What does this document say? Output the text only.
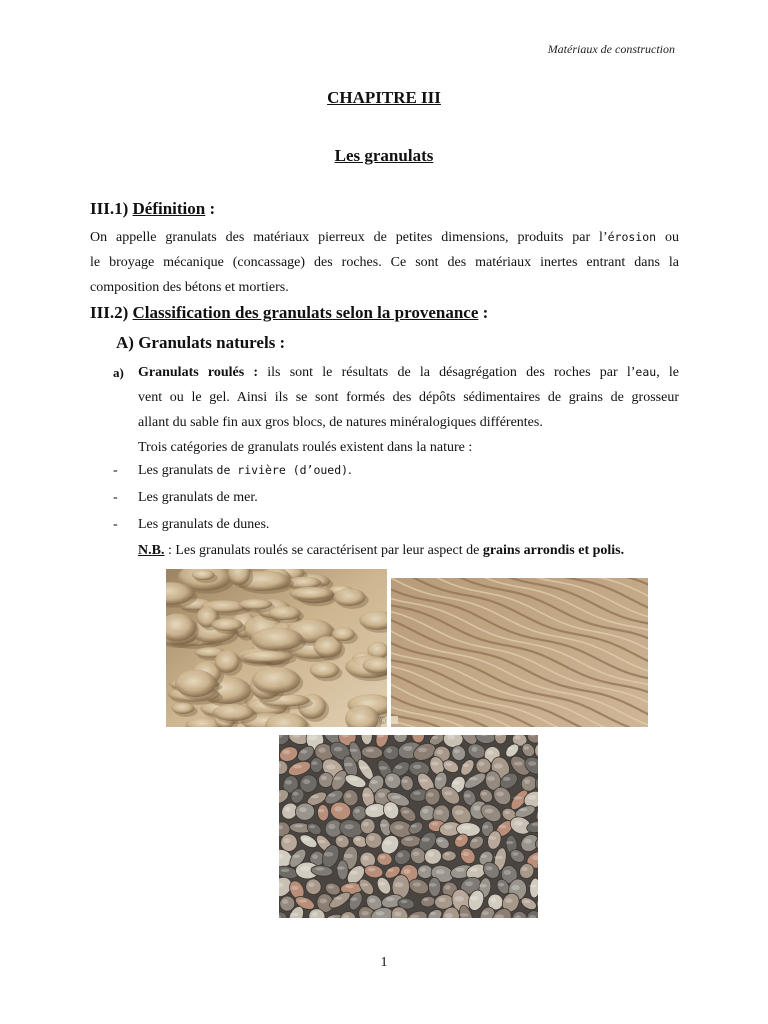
Matériaux de construction
CHAPITRE III
Les granulats
III.1) Définition :
On appelle granulats des matériaux pierreux de petites dimensions, produits par l’érosion ou
le broyage mécanique (concassage) des roches. Ce sont des matériaux inertes entrant dans la
composition des bétons et mortiers.
III.2) Classification des granulats selon la provenance :
A) Granulats naturels :
a) Granulats roulés : ils sont le résultats de la désagrégation des roches par l’eau, le
vent ou le gel. Ainsi ils se sont formés des dépôts sédimentaires de grains de grosseur
allant du sable fin aux gros blocs, de natures minéralogiques différentes.
Trois catégories de granulats roulés existent dans la nature :
- Les granulats de rivière (d’oued).
- Les granulats de mer.
- Les granulats de dunes.
N.B. : Les granulats roulés se caractérisent par leur aspect de grains arrondis et polis.
Ⓒ
1
